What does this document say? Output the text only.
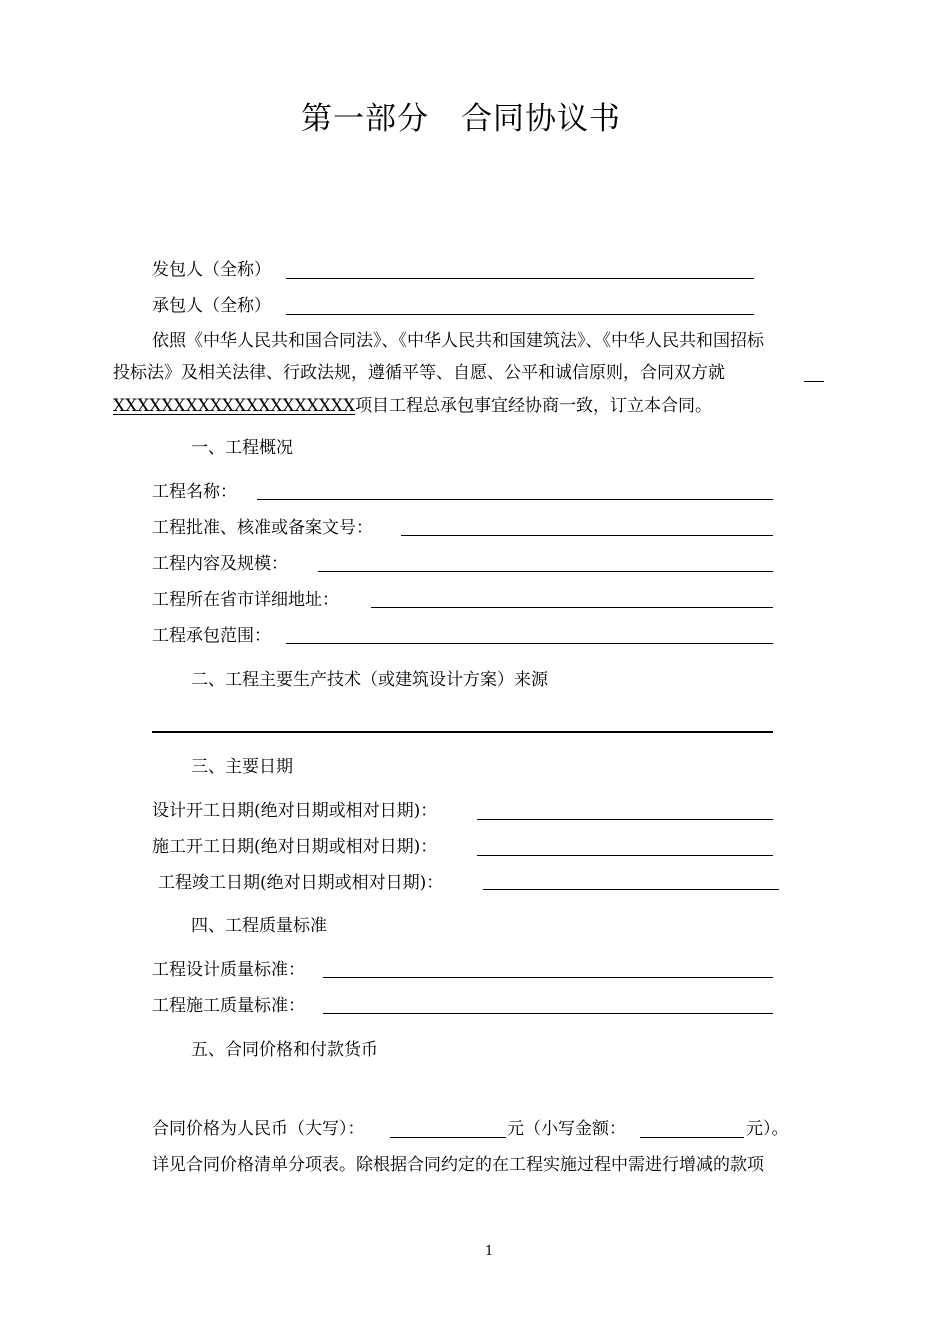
第一部分　合同协议书
发包人（全称）
承包人（全称）
依照《中华人民共和国合同法》、《中华人民共和国建筑法》、《中华人民共和国招标
投标法》及相关法律、行政法规，遵循平等、自愿、公平和诚信原则，合同双方就
XXXXXXXXXXXXXXXXXXXX项目工程总承包事宜经协商一致，订立本合同。
一、工程概况
工程名称：
工程批准、核准或备案文号：
工程内容及规模：
工程所在省市详细地址：
工程承包范围：
二、工程主要生产技术（或建筑设计方案）来源
三、主要日期
设计开工日期(绝对日期或相对日期)：
施工开工日期(绝对日期或相对日期)：
工程竣工日期(绝对日期或相对日期)：
四、工程质量标准
工程设计质量标准：
工程施工质量标准：
五、合同价格和付款货币
合同价格为人民币（大写）：	元（小写金额：	元）。
详见合同价格清单分项表。除根据合同约定的在工程实施过程中需进行增减的款项
1
